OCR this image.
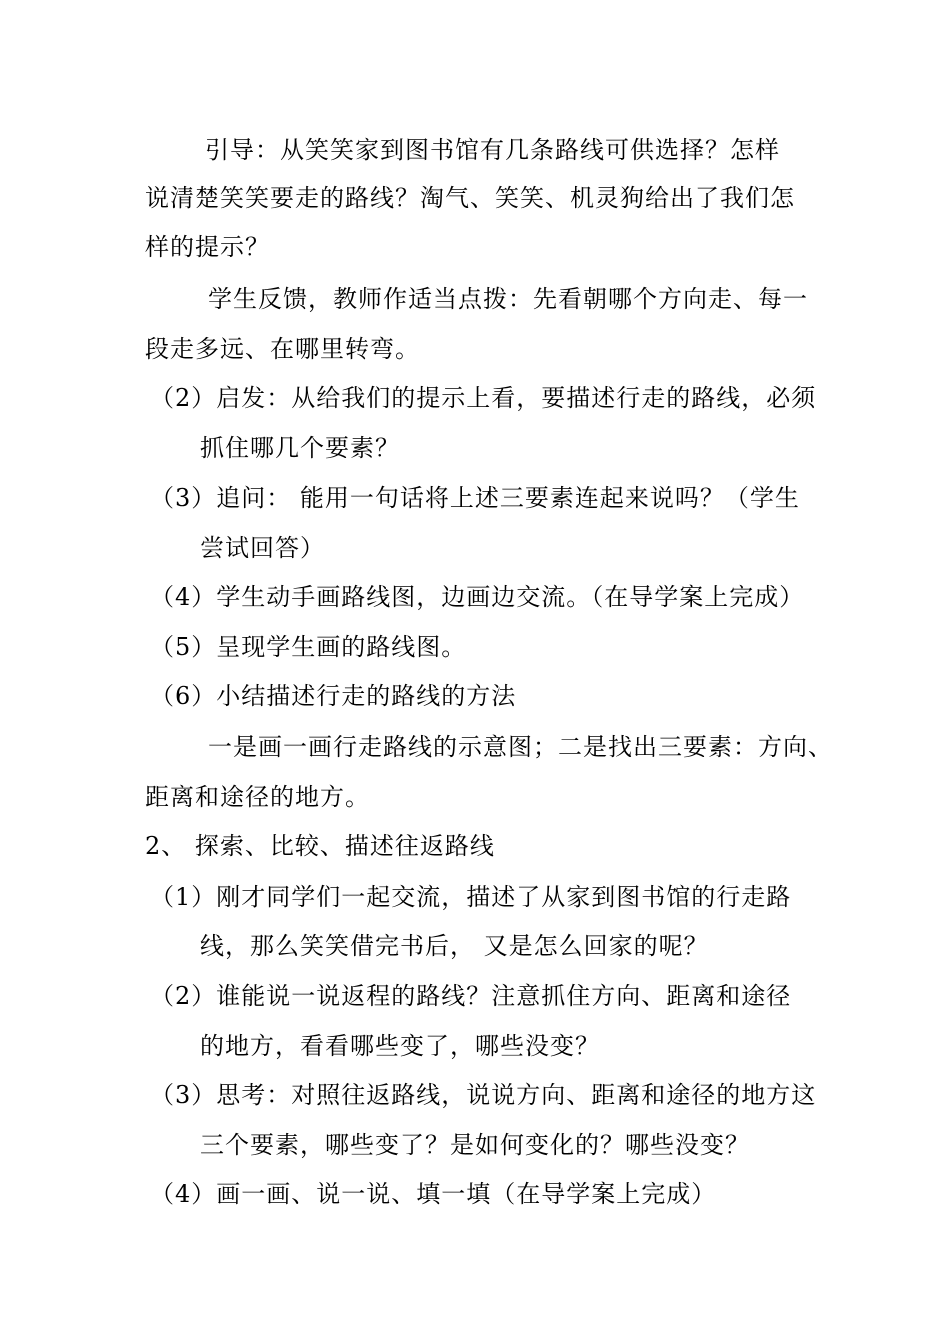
引导：从笑笑家到图书馆有几条路线可供选择？怎样
说清楚笑笑要走的路线？淘气、笑笑、机灵狗给出了我们怎
样的提示？
学生反馈，教师作适当点拨：先看朝哪个方向走、每一
段走多远、在哪里转弯。
（2）启发：从给我们的提示上看，要描述行走的路线，必须
抓住哪几个要素？
（3）追问： 能用一句话将上述三要素连起来说吗？（学生
尝试回答）
（4）学生动手画路线图，边画边交流。（在导学案上完成）
（5）呈现学生画的路线图。
（6）小结描述行走的路线的方法
一是画一画行走路线的示意图；二是找出三要素：方向、
距离和途径的地方。
2、 探索、比较、描述往返路线
（1）刚才同学们一起交流，描述了从家到图书馆的行走路
线，那么笑笑借完书后， 又是怎么回家的呢？
（2）谁能说一说返程的路线？注意抓住方向、距离和途径
的地方，看看哪些变了，哪些没变？
（3）思考：对照往返路线，说说方向、距离和途径的地方这
三个要素，哪些变了？是如何变化的？哪些没变？
（4）画一画、说一说、填一填（在导学案上完成）
